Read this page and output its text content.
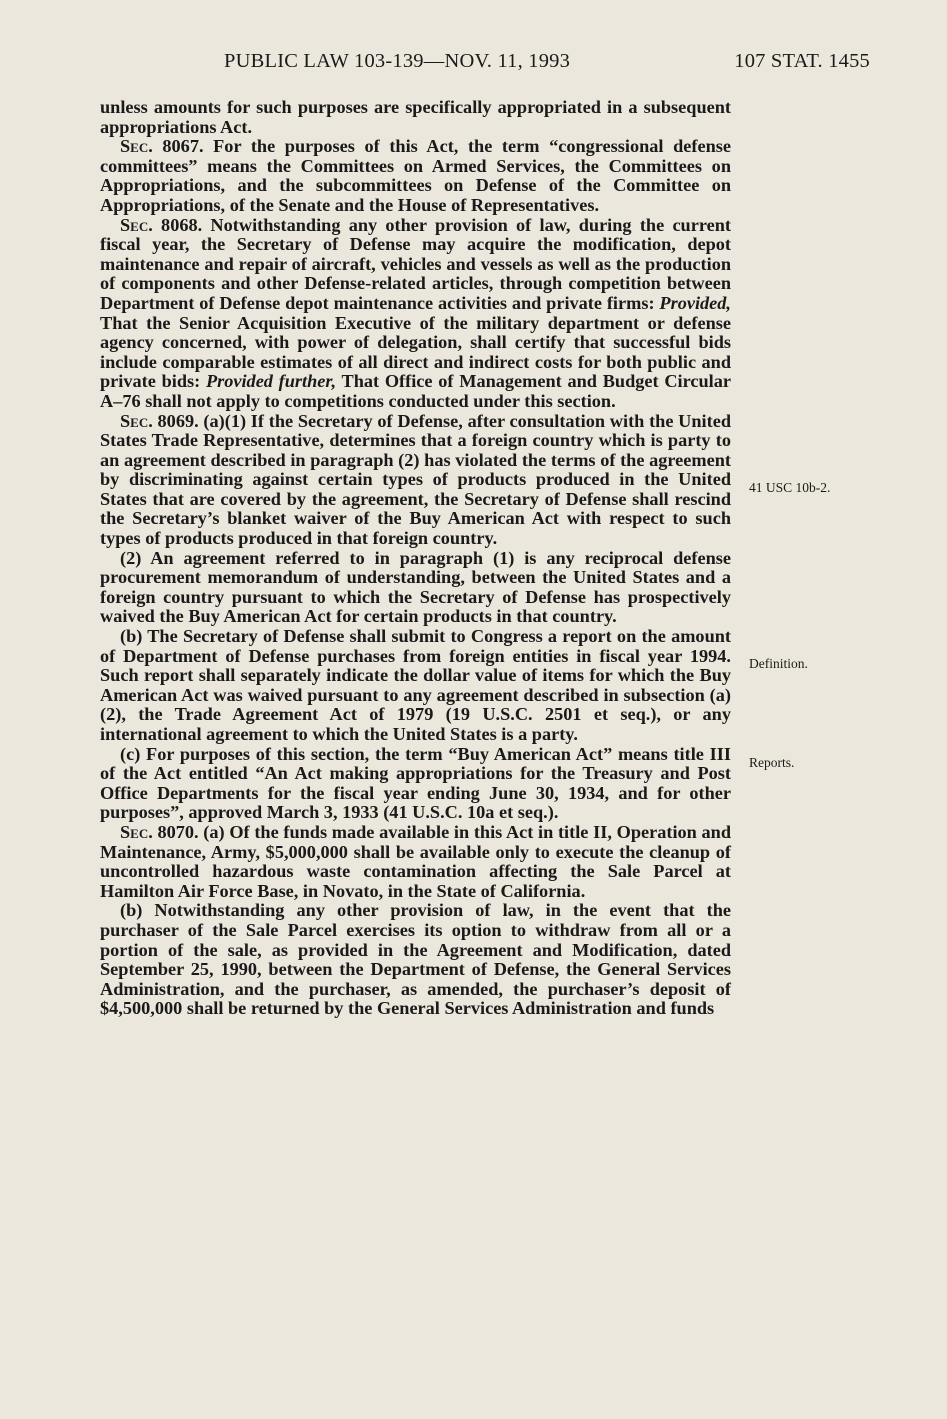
PUBLIC LAW 103-139—NOV. 11, 1993	107 STAT. 1455

unless amounts for such purposes are specifically appropriated in a subsequent appropriations Act.

Sec. 8067. For the purposes of this Act, the term “congressional defense committees” means the Committees on Armed Services, the Committees on Appropriations, and the subcommittees on Defense of the Committee on Appropriations, of the Senate and the House of Representatives.

Sec. 8068. Notwithstanding any other provision of law, during the current fiscal year, the Secretary of Defense may acquire the modification, depot maintenance and repair of aircraft, vehicles and vessels as well as the production of components and other Defense-related articles, through competition between Department of Defense depot maintenance activities and private firms: Provided, That the Senior Acquisition Executive of the military department or defense agency concerned, with power of delegation, shall certify that successful bids include comparable estimates of all direct and indirect costs for both public and private bids: Provided further, That Office of Management and Budget Circular A–76 shall not apply to competitions conducted under this section.

Sec. 8069. (a)(1) If the Secretary of Defense, after consultation with the United States Trade Representative, determines that a foreign country which is party to an agreement described in paragraph (2) has violated the terms of the agreement by discriminating against certain types of products produced in the United States that are covered by the agreement, the Secretary of Defense shall rescind the Secretary’s blanket waiver of the Buy American Act with respect to such types of products produced in that foreign country.

(2) An agreement referred to in paragraph (1) is any reciprocal defense procurement memorandum of understanding, between the United States and a foreign country pursuant to which the Secretary of Defense has prospectively waived the Buy American Act for certain products in that country.

(b) The Secretary of Defense shall submit to Congress a report on the amount of Department of Defense purchases from foreign entities in fiscal year 1994. Such report shall separately indicate the dollar value of items for which the Buy American Act was waived pursuant to any agreement described in subsection (a)(2), the Trade Agreement Act of 1979 (19 U.S.C. 2501 et seq.), or any international agreement to which the United States is a party.

(c) For purposes of this section, the term “Buy American Act” means title III of the Act entitled “An Act making appropriations for the Treasury and Post Office Departments for the fiscal year ending June 30, 1934, and for other purposes”, approved March 3, 1933 (41 U.S.C. 10a et seq.).

Sec. 8070. (a) Of the funds made available in this Act in title II, Operation and Maintenance, Army, $5,000,000 shall be available only to execute the cleanup of uncontrolled hazardous waste contamination affecting the Sale Parcel at Hamilton Air Force Base, in Novato, in the State of California.

(b) Notwithstanding any other provision of law, in the event that the purchaser of the Sale Parcel exercises its option to withdraw from all or a portion of the sale, as provided in the Agreement and Modification, dated September 25, 1990, between the Department of Defense, the General Services Administration, and the purchaser, as amended, the purchaser’s deposit of $4,500,000 shall be returned by the General Services Administration and funds

41 USC 10b-2.
Definition.
Reports.
